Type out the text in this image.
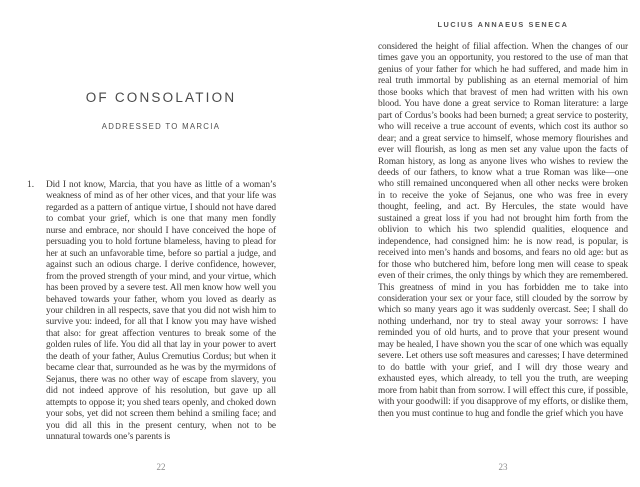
OF CONSOLATION
ADDRESSED TO MARCIA
1. Did I not know, Marcia, that you have as little of a woman’s weakness of mind as of her other vices, and that your life was regarded as a pattern of antique virtue, I should not have dared to combat your grief, which is one that many men fondly nurse and embrace, nor should I have conceived the hope of persuading you to hold fortune blameless, having to plead for her at such an unfavorable time, before so partial a judge, and against such an odious charge. I derive confidence, however, from the proved strength of your mind, and your virtue, which has been proved by a severe test. All men know how well you behaved towards your father, whom you loved as dearly as your children in all respects, save that you did not wish him to survive you: indeed, for all that I know you may have wished that also: for great affection ventures to break some of the golden rules of life. You did all that lay in your power to avert the death of your father, Aulus Cremutius Cordus; but when it became clear that, surrounded as he was by the myrmidons of Sejanus, there was no other way of escape from slavery, you did not indeed approve of his resolution, but gave up all attempts to oppose it; you shed tears openly, and choked down your sobs, yet did not screen them behind a smiling face; and you did all this in the present century, when not to be unnatural towards one’s parents is
22
LUCIUS ANNAEUS SENECA
considered the height of filial affection. When the changes of our times gave you an opportunity, you restored to the use of man that genius of your father for which he had suffered, and made him in real truth immortal by publishing as an eternal memorial of him those books which that bravest of men had written with his own blood. You have done a great service to Roman literature: a large part of Cordus’s books had been burned; a great service to posterity, who will receive a true account of events, which cost its author so dear; and a great service to himself, whose memory flourishes and ever will flourish, as long as men set any value upon the facts of Roman history, as long as anyone lives who wishes to review the deeds of our fathers, to know what a true Roman was like—one who still remained unconquered when all other necks were broken in to receive the yoke of Sejanus, one who was free in every thought, feeling, and act. By Hercules, the state would have sustained a great loss if you had not brought him forth from the oblivion to which his two splendid qualities, eloquence and independence, had consigned him: he is now read, is popular, is received into men’s hands and bosoms, and fears no old age: but as for those who butchered him, before long men will cease to speak even of their crimes, the only things by which they are remembered. This greatness of mind in you has forbidden me to take into consideration your sex or your face, still clouded by the sorrow by which so many years ago it was suddenly overcast. See; I shall do nothing underhand, nor try to steal away your sorrows: I have reminded you of old hurts, and to prove that your present wound may be healed, I have shown you the scar of one which was equally severe. Let others use soft measures and caresses; I have determined to do battle with your grief, and I will dry those weary and exhausted eyes, which already, to tell you the truth, are weeping more from habit than from sorrow. I will effect this cure, if possible, with your goodwill: if you disapprove of my efforts, or dislike them, then you must continue to hug and fondle the grief which you have
23
